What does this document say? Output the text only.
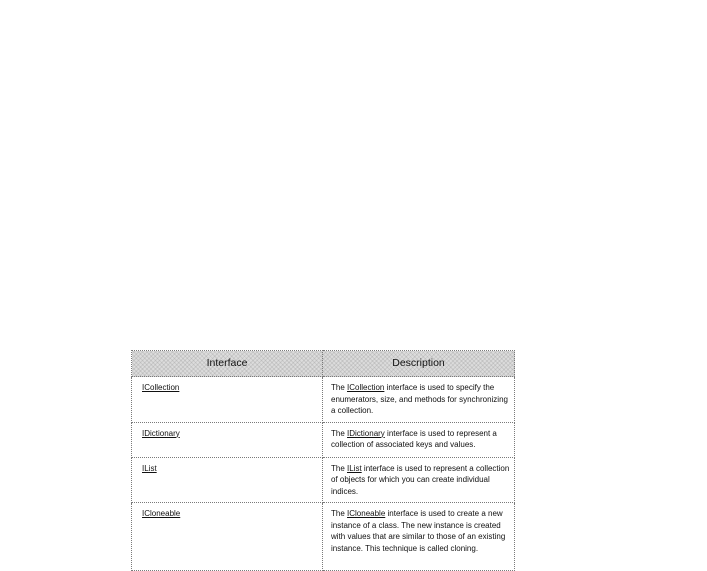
Interface	Description
ICollection	The ICollection interface is used to specify the enumerators, size, and methods for synchronizing a collection.
IDictionary	The IDictionary interface is used to represent a collection of associated keys and values.
IList	The IList interface is used to represent a collection of objects for which you can create individual indices.
ICloneable	The ICloneable interface is used to create a new instance of a class. The new instance is created with values that are similar to those of an existing instance. This technique is called cloning.
